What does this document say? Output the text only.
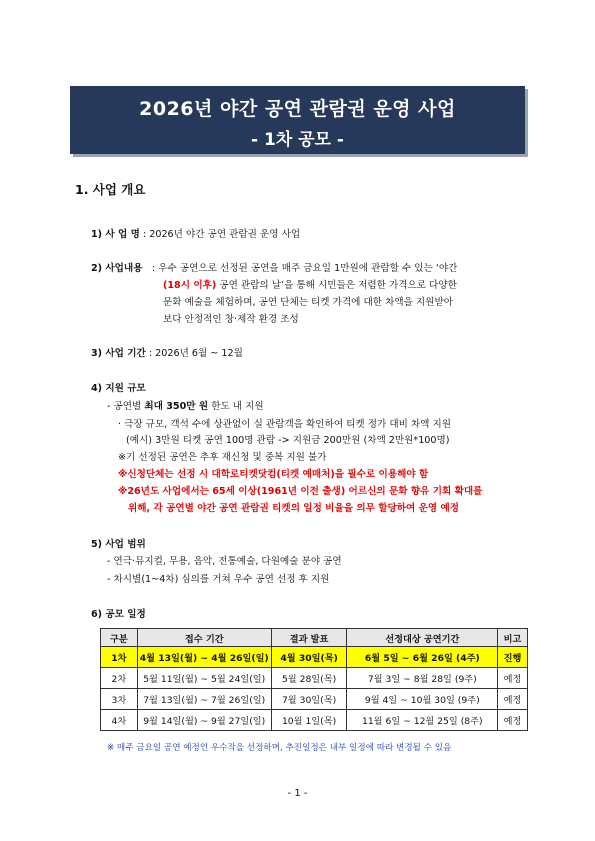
2026년 야간 공연 관람권 운영 사업
- 1차 공모 -
1. 사업 개요
1) 사 업 명 : 2026년 야간 공연 관람권 운영 사업
2) 사업내용 : 우수 공연으로 선정된 공연을 매주 금요일 1만원에 관람할 수 있는 ‘야간
(18시 이후) 공연 관람의 날’을 통해 시민들은 저렴한 가격으로 다양한
문화 예술을 체험하며, 공연 단체는 티켓 가격에 대한 차액을 지원받아
보다 안정적인 창·제작 환경 조성
3) 사업 기간 : 2026년 6월 ~ 12월
4) 지원 규모
- 공연별 최대 350만 원 한도 내 지원
· 극장 규모, 객석 수에 상관없이 실 관람객을 확인하여 티켓 정가 대비 차액 지원
(예시) 3만원 티켓 공연 100명 관람 -> 지원금 200만원 (차액 2만원*100명)
※기 선정된 공연은 추후 재신청 및 중복 지원 불가
※신청단체는 선정 시 대학로티켓닷컴(티켓 예매처)을 필수로 이용해야 함
※26년도 사업에서는 65세 이상(1961년 이전 출생) 어르신의 문화 향유 기회 확대를
위해, 각 공연별 야간 공연 관람권 티켓의 일정 비율을 의무 할당하여 운영 예정
5) 사업 범위
- 연극·뮤지컬, 무용, 음악, 전통예술, 다원예술 분야 공연
- 차시별(1~4차) 심의를 거쳐 우수 공연 선정 후 지원
6) 공모 일정
구분	접수 기간	결과 발표	선정대상 공연기간	비고
1차	4월 13일(월) ~ 4월 26일(일)	4월 30일(목)	6월 5일 ~ 6월 26일 (4주)	진행
2차	5월 11일(월) ~ 5월 24일(일)	5월 28일(목)	7월 3일 ~ 8월 28일 (9주)	예정
3차	7월 13일(월) ~ 7월 26일(일)	7월 30일(목)	9월 4일 ~ 10월 30일 (9주)	예정
4차	9월 14일(월) ~ 9월 27일(일)	10월 1일(목)	11월 6일 ~ 12월 25일 (8주)	예정
※ 매주 금요일 공연 예정인 우수작을 선정하며, 추진일정은 내부 일정에 따라 변경될 수 있음
- 1 -
